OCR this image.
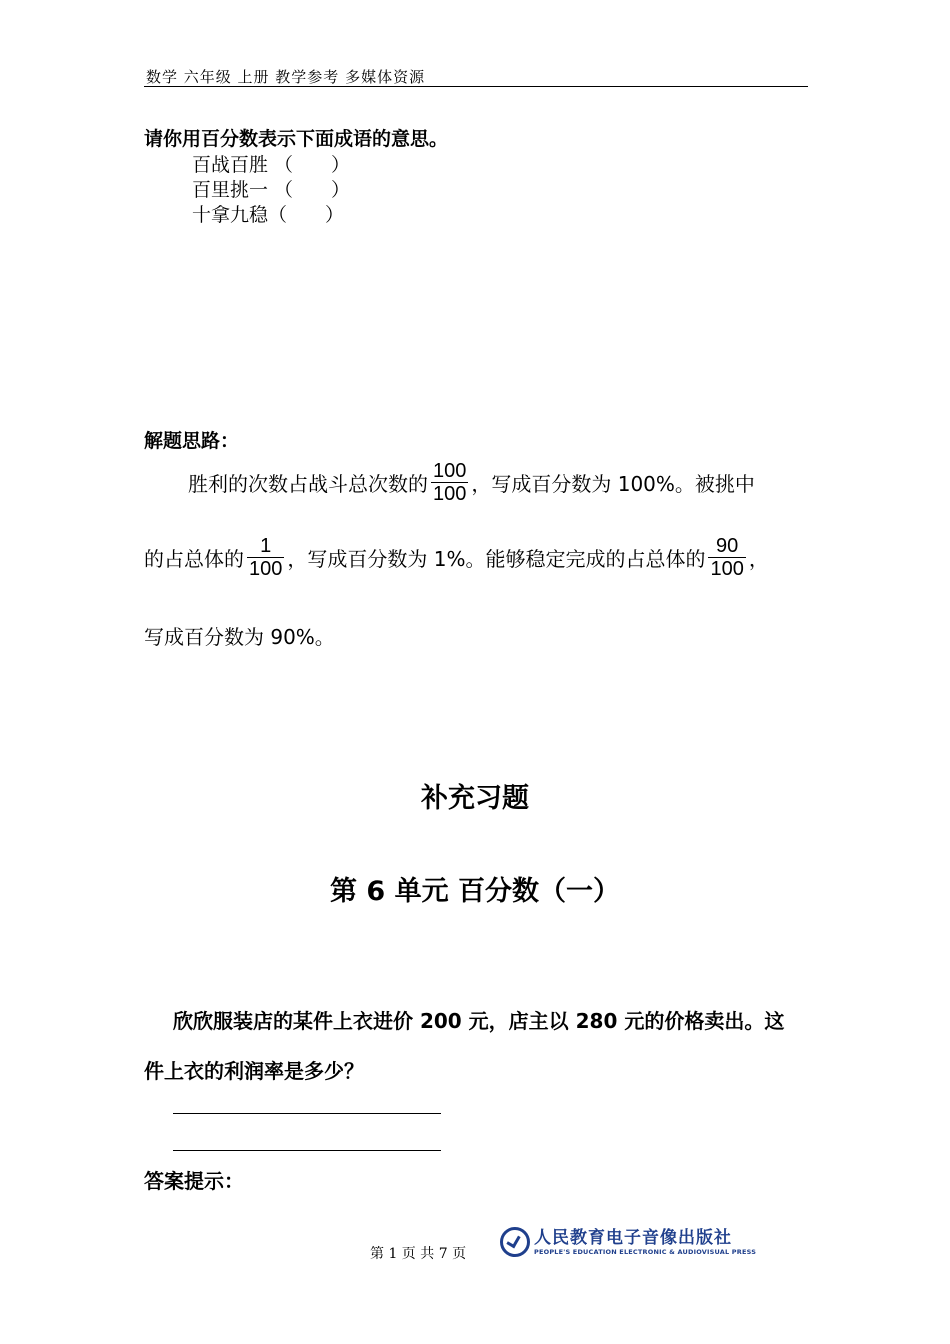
数学 六年级 上册 教学参考 多媒体资源
请你用百分数表示下面成语的意思。
百战百胜 （　　）
百里挑一 （　　）
十拿九稳（　　）
解题思路：
胜利的次数占战斗总次数的 $\frac{100}{100}$ ，写成百分数为 100%。被挑中
的占总体的 $\frac{1}{100}$ ，写成百分数为 1%。能够稳定完成的占总体的 $\frac{90}{100}$ ，
写成百分数为 90%。
补充习题
第 6 单元 百分数（一）
欣欣服装店的某件上衣进价 200 元，店主以 280 元的价格卖出。这
件上衣的利润率是多少？
答案提示：
第 1 页 共 7 页
人民教育电子音像出版社
PEOPLE'S EDUCATION ELECTRONIC & AUDIOVISUAL PRESS
